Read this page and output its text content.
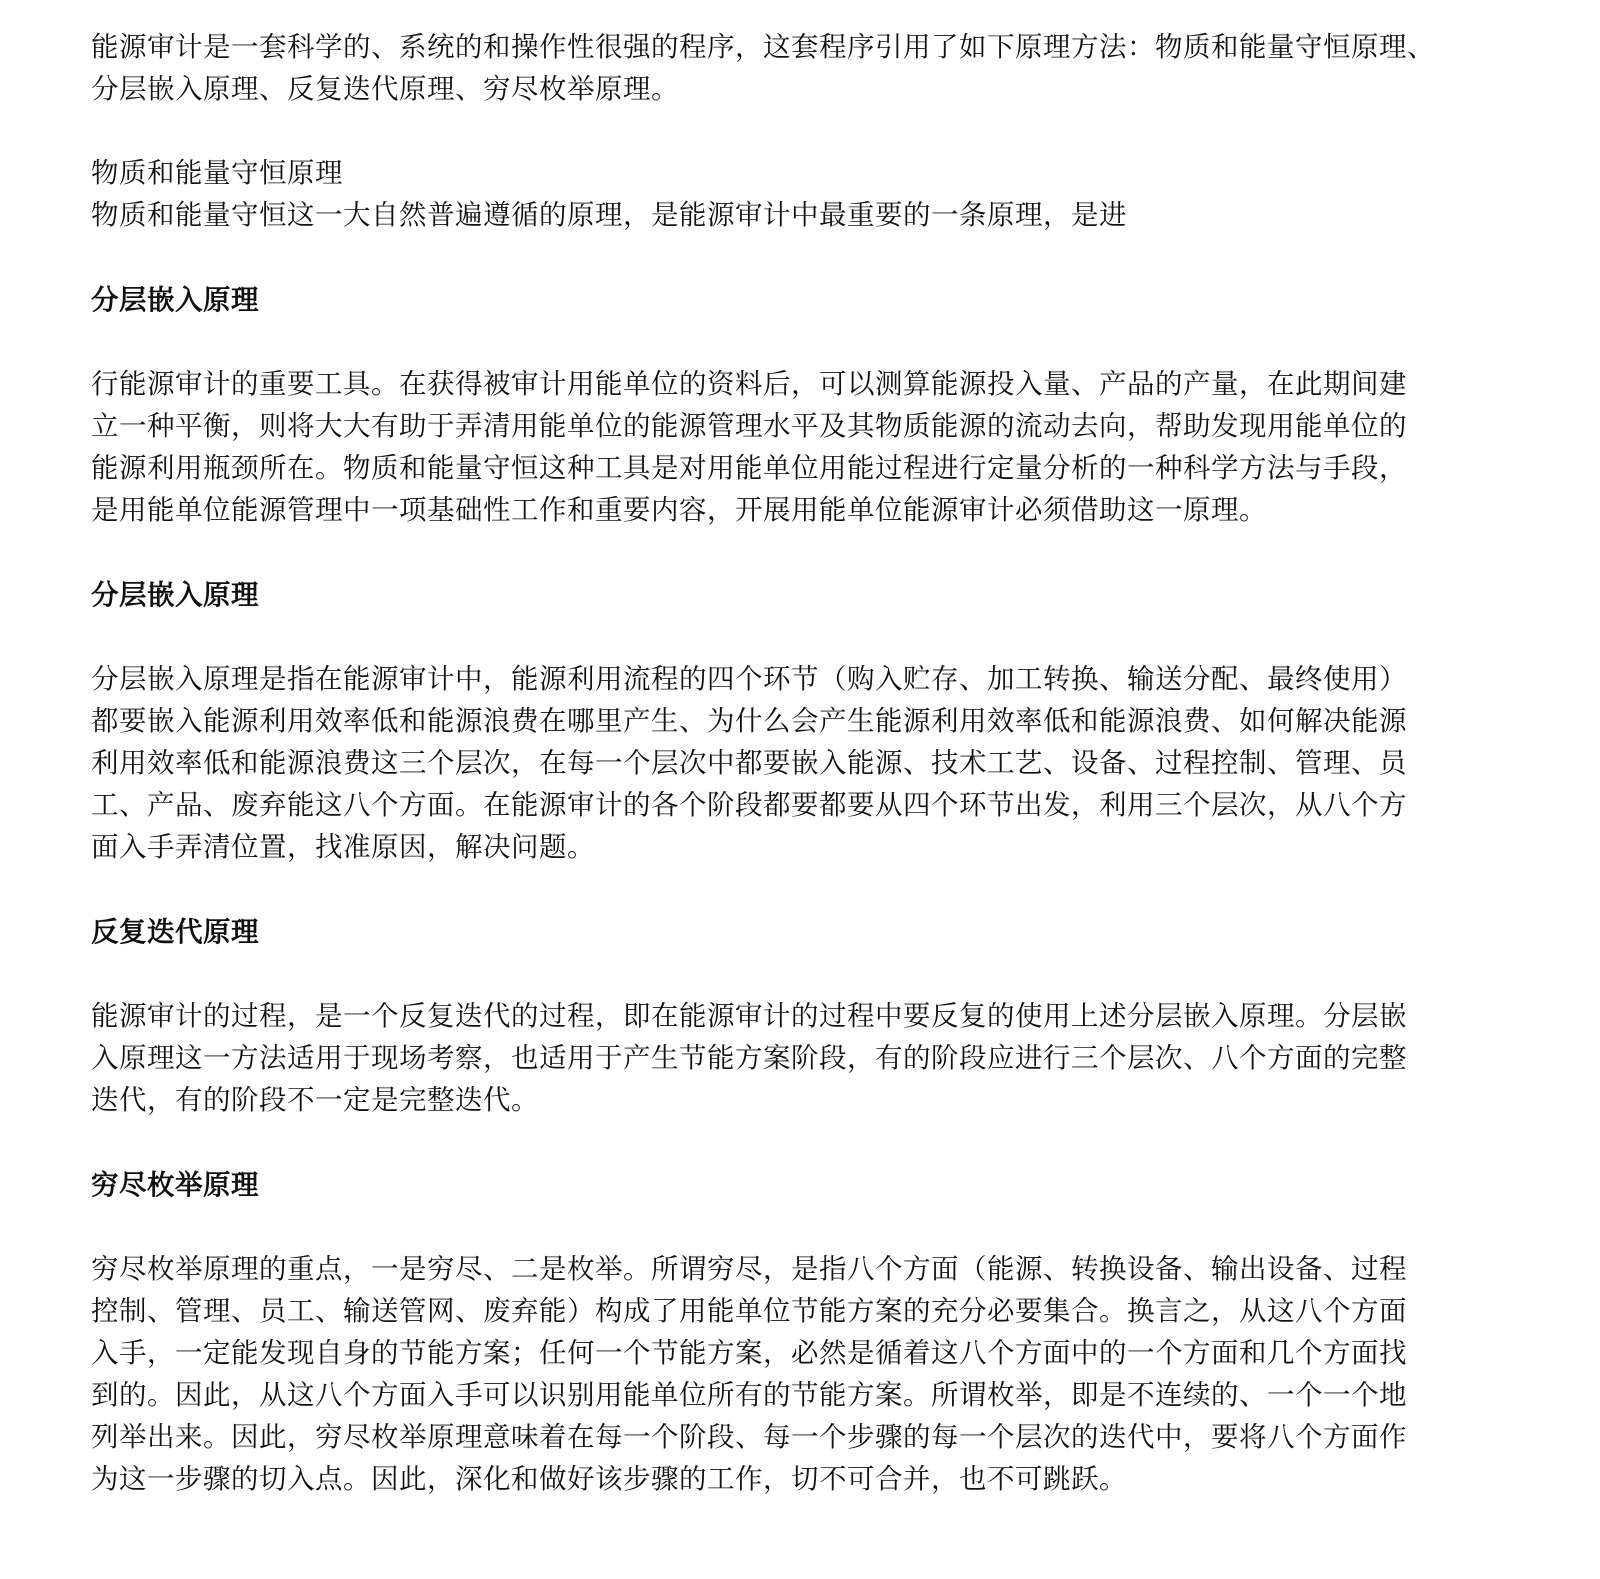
能源审计是一套科学的、系统的和操作性很强的程序，这套程序引用了如下原理方法：物质和能量守恒原理、
分层嵌入原理、反复迭代原理、穷尽枚举原理。
物质和能量守恒原理
物质和能量守恒这一大自然普遍遵循的原理，是能源审计中最重要的一条原理，是进
分层嵌入原理
行能源审计的重要工具。在获得被审计用能单位的资料后，可以测算能源投入量、产品的产量，在此期间建
立一种平衡，则将大大有助于弄清用能单位的能源管理水平及其物质能源的流动去向，帮助发现用能单位的
能源利用瓶颈所在。物质和能量守恒这种工具是对用能单位用能过程进行定量分析的一种科学方法与手段，
是用能单位能源管理中一项基础性工作和重要内容，开展用能单位能源审计必须借助这一原理。
分层嵌入原理
分层嵌入原理是指在能源审计中，能源利用流程的四个环节（购入贮存、加工转换、输送分配、最终使用）
都要嵌入能源利用效率低和能源浪费在哪里产生、为什么会产生能源利用效率低和能源浪费、如何解决能源
利用效率低和能源浪费这三个层次，在每一个层次中都要嵌入能源、技术工艺、设备、过程控制、管理、员
工、产品、废弃能这八个方面。在能源审计的各个阶段都要都要从四个环节出发，利用三个层次，从八个方
面入手弄清位置，找准原因，解决问题。
反复迭代原理
能源审计的过程，是一个反复迭代的过程，即在能源审计的过程中要反复的使用上述分层嵌入原理。分层嵌
入原理这一方法适用于现场考察，也适用于产生节能方案阶段，有的阶段应进行三个层次、八个方面的完整
迭代，有的阶段不一定是完整迭代。
穷尽枚举原理
穷尽枚举原理的重点，一是穷尽、二是枚举。所谓穷尽，是指八个方面（能源、转换设备、输出设备、过程
控制、管理、员工、输送管网、废弃能）构成了用能单位节能方案的充分必要集合。换言之，从这八个方面
入手，一定能发现自身的节能方案；任何一个节能方案，必然是循着这八个方面中的一个方面和几个方面找
到的。因此，从这八个方面入手可以识别用能单位所有的节能方案。所谓枚举，即是不连续的、一个一个地
列举出来。因此，穷尽枚举原理意味着在每一个阶段、每一个步骤的每一个层次的迭代中，要将八个方面作
为这一步骤的切入点。因此，深化和做好该步骤的工作，切不可合并，也不可跳跃。
